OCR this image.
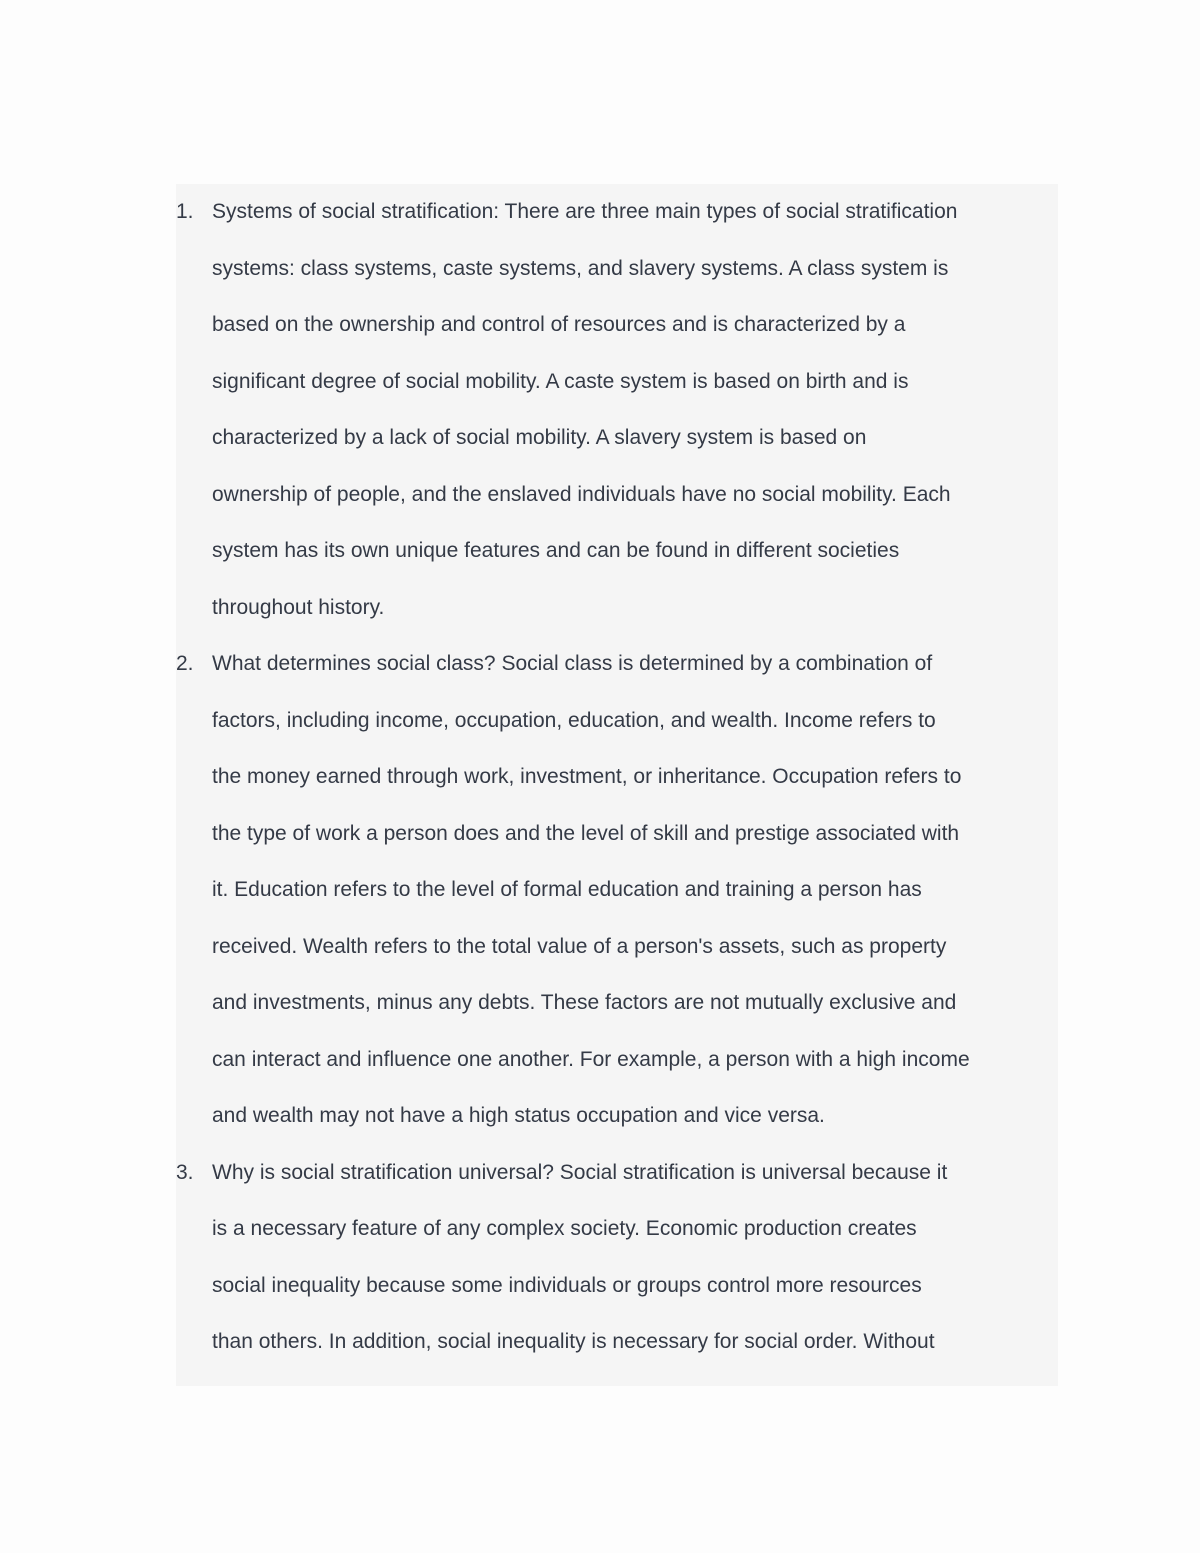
1. Systems of social stratification: There are three main types of social stratification
systems: class systems, caste systems, and slavery systems. A class system is
based on the ownership and control of resources and is characterized by a
significant degree of social mobility. A caste system is based on birth and is
characterized by a lack of social mobility. A slavery system is based on
ownership of people, and the enslaved individuals have no social mobility. Each
system has its own unique features and can be found in different societies
throughout history.
2. What determines social class? Social class is determined by a combination of
factors, including income, occupation, education, and wealth. Income refers to
the money earned through work, investment, or inheritance. Occupation refers to
the type of work a person does and the level of skill and prestige associated with
it. Education refers to the level of formal education and training a person has
received. Wealth refers to the total value of a person's assets, such as property
and investments, minus any debts. These factors are not mutually exclusive and
can interact and influence one another. For example, a person with a high income
and wealth may not have a high status occupation and vice versa.
3. Why is social stratification universal? Social stratification is universal because it
is a necessary feature of any complex society. Economic production creates
social inequality because some individuals or groups control more resources
than others. In addition, social inequality is necessary for social order. Without
